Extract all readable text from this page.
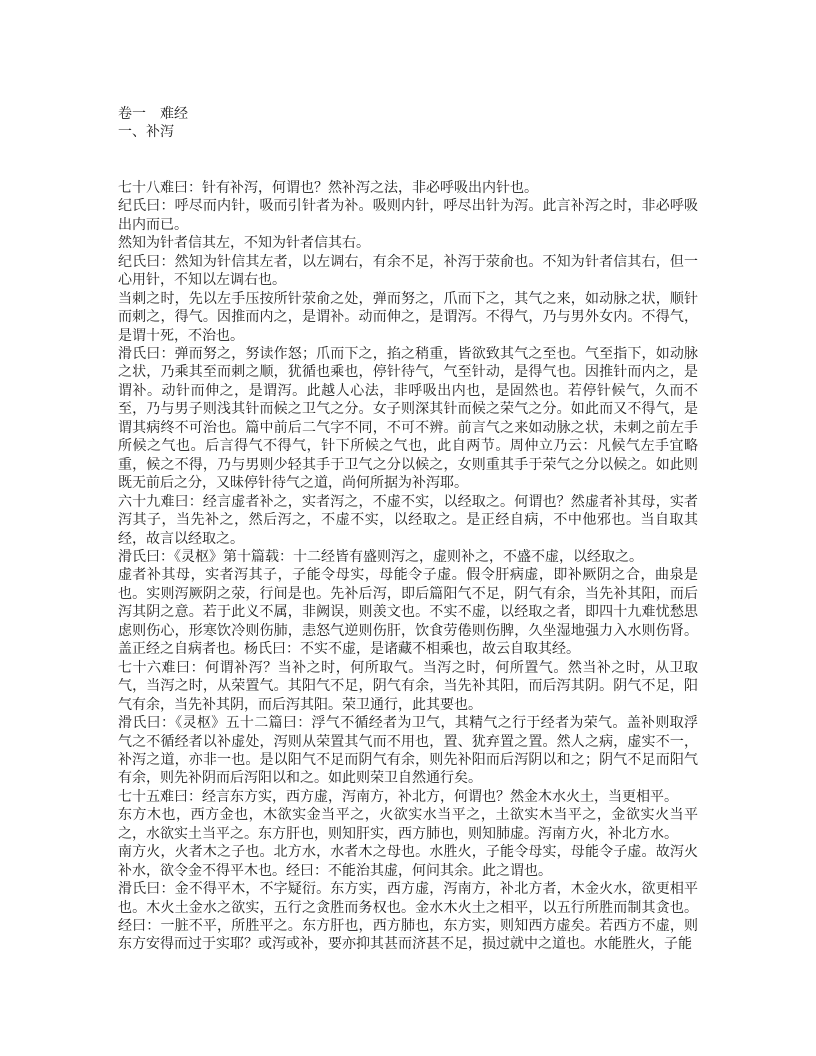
卷一　难经
一、补泻

七十八难曰：针有补泻，何谓也？然补泻之法，非必呼吸出内针也。

纪氏曰：呼尽而内针，吸而引针者为补。吸则内针，呼尽出针为泻。此言补泻之时，非必呼吸出内而已。

然知为针者信其左，不知为针者信其右。

纪氏曰：然知为针信其左者，以左调右，有余不足，补泻于荥俞也。不知为针者信其右，但一心用针，不知以左调右也。

当刺之时，先以左手压按所针荥俞之处，弹而努之，爪而下之，其气之来，如动脉之状，顺针而刺之，得气。因推而内之，是谓补。动而伸之，是谓泻。不得气，乃与男外女内。不得气，是谓十死，不治也。

滑氏曰：弹而努之，努读作怒；爪而下之，掐之稍重，皆欲致其气之至也。气至指下，如动脉之状，乃乘其至而刺之顺，犹循也乘也，停针待气，气至针动，是得气也。因推针而内之，是谓补。动针而伸之，是谓泻。此越人心法，非呼吸出内也，是固然也。若停针候气，久而不至，乃与男子则浅其针而候之卫气之分。女子则深其针而候之荣气之分。如此而又不得气，是谓其病终不可治也。篇中前后二气字不同，不可不辨。前言气之来如动脉之状，未刺之前左手所候之气也。后言得气不得气，针下所候之气也，此自两节。周仲立乃云：凡候气左手宜略重，候之不得，乃与男则少轻其手于卫气之分以候之，女则重其手于荣气之分以候之。如此则既无前后之分，又昧停针待气之道，尚何所据为补泻耶。

六十九难曰：经言虚者补之，实者泻之，不虚不实，以经取之。何谓也？然虚者补其母，实者泻其子，当先补之，然后泻之，不虚不实，以经取之。是正经自病，不中他邪也。当自取其经，故言以经取之。

滑氏曰：《灵枢》第十篇载：十二经皆有盛则泻之，虚则补之，不盛不虚，以经取之。

虚者补其母，实者泻其子，子能令母实，母能令子虚。假令肝病虚，即补厥阴之合，曲泉是也。实则泻厥阴之荥，行间是也。先补后泻，即后篇阳气不足，阴气有余，当先补其阳，而后泻其阴之意。若于此义不属，非阙误，则羡文也。不实不虚，以经取之者，即四十九难忧愁思虑则伤心，形寒饮冷则伤肺，恚怒气逆则伤肝，饮食劳倦则伤脾，久坐湿地强力入水则伤肾。盖正经之自病者也。杨氏曰：不实不虚，是诸藏不相乘也，故云自取其经。

七十六难曰：何谓补泻？当补之时，何所取气。当泻之时，何所置气。然当补之时，从卫取气，当泻之时，从荣置气。其阳气不足，阴气有余，当先补其阳，而后泻其阴。阴气不足，阳气有余，当先补其阴，而后泻其阳。荣卫通行，此其要也。

滑氏曰：《灵枢》五十二篇曰：浮气不循经者为卫气，其精气之行于经者为荣气。盖补则取浮气之不循经者以补虚处，泻则从荣置其气而不用也，置、犹弃置之置。然人之病，虚实不一，补泻之道，亦非一也。是以阳气不足而阴气有余，则先补阳而后泻阴以和之；阴气不足而阳气有余，则先补阴而后泻阳以和之。如此则荣卫自然通行矣。

七十五难曰：经言东方实，西方虚，泻南方，补北方，何谓也？然金木水火土，当更相平。

东方木也，西方金也，木欲实金当平之，火欲实水当平之，土欲实木当平之，金欲实火当平之，水欲实土当平之。东方肝也，则知肝实，西方肺也，则知肺虚。泻南方火，补北方水。

南方火，火者木之子也。北方水，水者木之母也。水胜火，子能令母实，母能令子虚。故泻火补水，欲令金不得平木也。经曰：不能治其虚，何问其余。此之谓也。

滑氏曰：金不得平木，不字疑衍。东方实，西方虚，泻南方，补北方者，木金火水，欲更相平也。木火土金水之欲实，五行之贪胜而务权也。金水木火土之相平，以五行所胜而制其贪也。经曰：一脏不平，所胜平之。东方肝也，西方肺也，东方实，则知西方虚矣。若西方不虚，则东方安得而过于实耶？或泻或补，要亦抑其甚而济甚不足，损过就中之道也。水能胜火，子能
